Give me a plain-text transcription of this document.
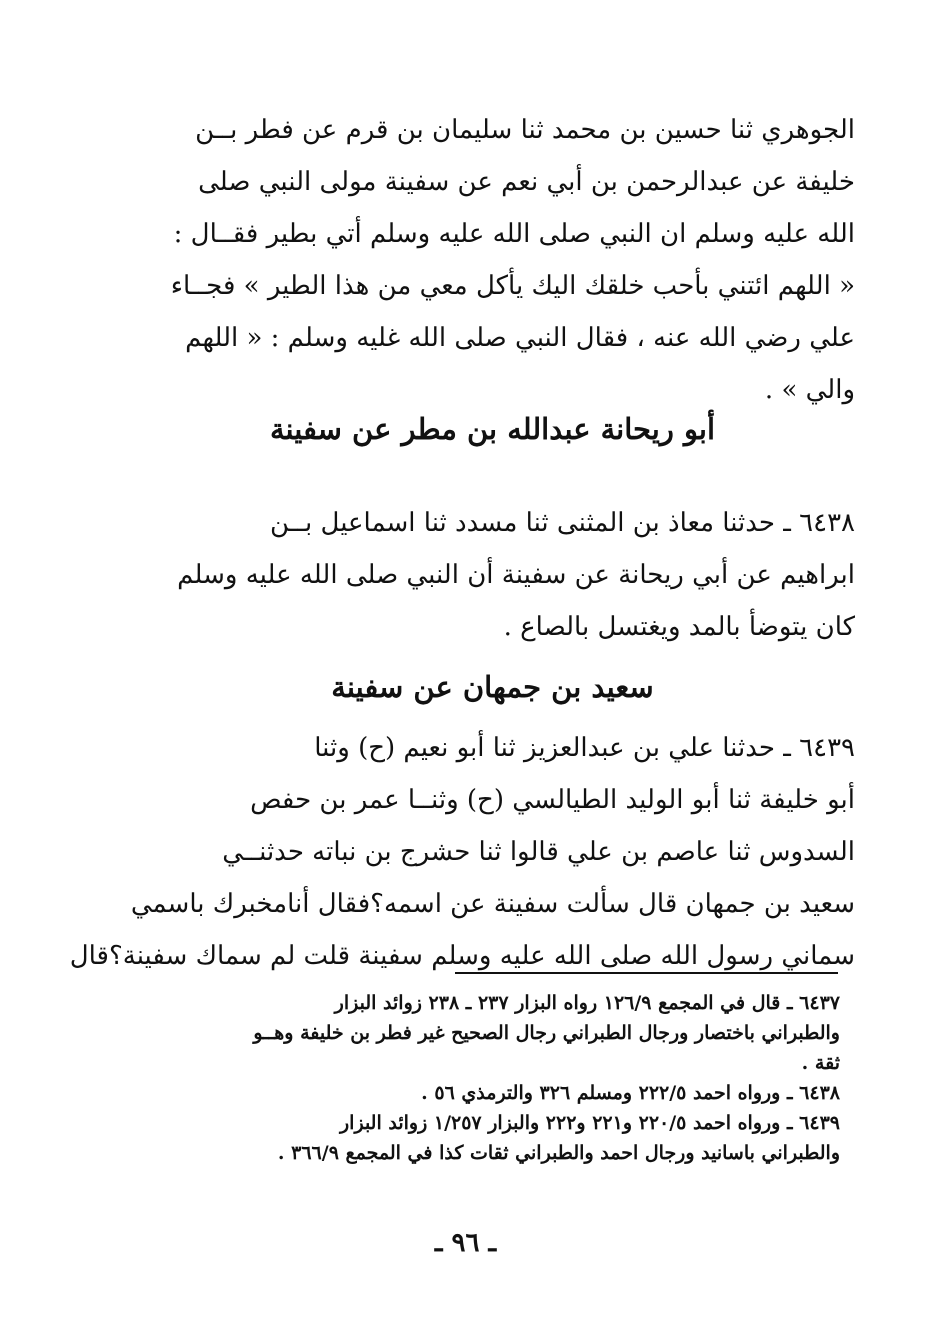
الجوهري ثنا حسين بن محمد ثنا سليمان بن قرم عن فطر بــن
خليفة عن عبدالرحمن بن أبي نعم عن سفينة مولى النبي صلى
الله عليه وسلم ان النبي صلى الله عليه وسلم أتي بطير فقــال :
« اللهم ائتني بأحب خلقك اليك يأكل معي من هذا الطير » فجــاء
علي رضي الله عنه ، فقال النبي صلى الله غليه وسلم : « اللهم
والي » .
أبو ريحانة عبدالله بن مطر عن سفينة
٦٤٣٨ ـ حدثنا معاذ بن المثنى ثنا مسدد ثنا اسماعيل بــن
ابراهيم عن أبي ريحانة عن سفينة أن النبي صلى الله عليه وسلم
كان يتوضأ بالمد ويغتسل بالصاع .
سعيد بن جمهان عن سفينة
٦٤٣٩ ـ حدثنا علي بن عبدالعزيز ثنا أبو نعيم (ح) وثنا
أبو خليفة ثنا أبو الوليد الطيالسي (ح) وثنــا عمر بن حفص
السدوس ثنا عاصم بن علي قالوا ثنا حشرج بن نباته حدثنــي
سعيد بن جمهان قال سألت سفينة عن اسمه؟فقال أنامخبرك باسمي
سماني رسول الله صلى الله عليه وسلم سفينة قلت لم سماك سفينة؟قال
٦٤٣٧ ـ قال في المجمع ١٢٦/٩ رواه البزار ٢٣٧ ـ ٢٣٨ زوائد البزار
والطبراني باختصار ورجال الطبراني رجال الصحيح غير فطر بن خليفة وهــو
ثقة .
٦٤٣٨ ـ ورواه احمد ٢٢٢/٥ ومسلم ٣٢٦ والترمذي ٥٦ .
٦٤٣٩ ـ ورواه احمد ٢٢٠/٥ و٢٢١ و٢٢٢ والبزار ١/٢٥٧ زوائد البزار
والطبراني باسانيد ورجال احمد والطبراني ثقات كذا في المجمع ٣٦٦/٩ .
ـ ٩٦ ـ
